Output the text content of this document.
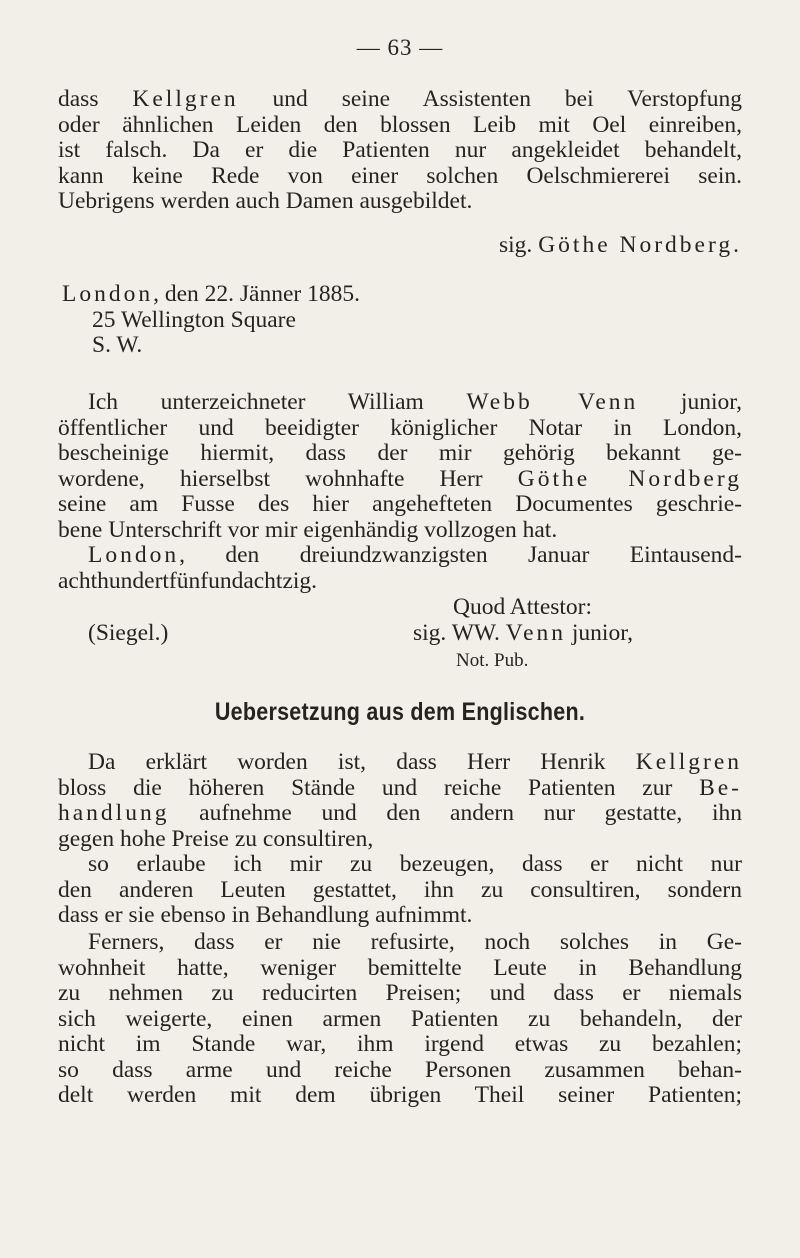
— 63 —
dass Kellgren und seine Assistenten bei Verstopfung
oder ähnlichen Leiden den blossen Leib mit Oel einreiben,
ist falsch. Da er die Patienten nur angekleidet behandelt,
kann keine Rede von einer solchen Oelschmiererei sein.
Uebrigens werden auch Damen ausgebildet.
sig. Göthe Nordberg.
London, den 22. Jänner 1885.
25 Wellington Square
S. W.
Ich unterzeichneter William Webb Venn junior,
öffentlicher und beeidigter königlicher Notar in London,
bescheinige hiermit, dass der mir gehörig bekannt ge-
wordene, hierselbst wohnhafte Herr Göthe Nordberg
seine am Fusse des hier angehefteten Documentes geschrie-
bene Unterschrift vor mir eigenhändig vollzogen hat.
London, den dreiundzwanzigsten Januar Eintausend-
achthundertfünfundachtzig.
Quod Attestor:
(Siegel.)	sig. WW. Venn junior,
Not. Pub.
Uebersetzung aus dem Englischen.
Da erklärt worden ist, dass Herr Henrik Kellgren
bloss die höheren Stände und reiche Patienten zur Be-
handlung aufnehme und den andern nur gestatte, ihn
gegen hohe Preise zu consultiren,
so erlaube ich mir zu bezeugen, dass er nicht nur
den anderen Leuten gestattet, ihn zu consultiren, sondern
dass er sie ebenso in Behandlung aufnimmt.
Ferners, dass er nie refusirte, noch solches in Ge-
wohnheit hatte, weniger bemittelte Leute in Behandlung
zu nehmen zu reducirten Preisen; und dass er niemals
sich weigerte, einen armen Patienten zu behandeln, der
nicht im Stande war, ihm irgend etwas zu bezahlen;
so dass arme und reiche Personen zusammen behan-
delt werden mit dem übrigen Theil seiner Patienten;
